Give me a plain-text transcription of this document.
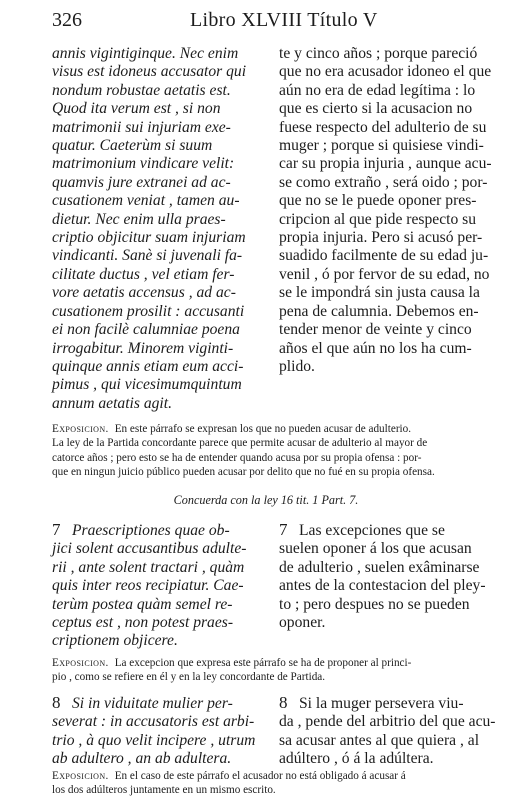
326	Libro XLVIII Título V
annis vigintiginque. Nec enim
visus est idoneus accusator qui
nondum robustae aetatis est.
Quod ita verum est , si non
matrimonii sui injuriam exe-
quatur. Caeterùm si suum
matrimonium vindicare velit:
quamvis jure extranei ad ac-
cusationem veniat , tamen au-
dietur. Nec enim ulla praes-
criptio objicitur suam injuriam
vindicanti. Sanè si juvenali fa-
cilitate ductus , vel etiam fer-
vore aetatis accensus , ad ac-
cusationem prosilit : accusanti
ei non facilè calumniae poena
irrogabitur. Minorem viginti-
quinque annis etiam eum acci-
pimus , qui vicesimumquintum
annum aetatis agit.
te y cinco años ; porque pareció
que no era acusador idoneo el que
aún no era de edad legítima : lo
que es cierto si la acusacion no
fuese respecto del adulterio de su
muger ; porque si quisiese vindi-
car su propia injuria , aunque acu-
se como extraño , será oido ; por-
que no se le puede oponer pres-
cripcion al que pide respecto su
propia injuria. Pero si acusó per-
suadido facilmente de su edad ju-
venil , ó por fervor de su edad, no
se le impondrá sin justa causa la
pena de calumnia. Debemos en-
tender menor de veinte y cinco
años el que aún no los ha cum-
plido.
Exposicion. En este párrafo se expresan los que no pueden acusar de adulterio.
La ley de la Partida concordante parece que permite acusar de adulterio al mayor de
catorce años ; pero esto se ha de entender quando acusa por su propia ofensa : por-
que en ningun juicio público pueden acusar por delito que no fué en su propia ofensa.
Concuerda con la ley 16 tit. 1 Part. 7.
7 Praescriptiones quae ob-
jici solent accusantibus adulte-
rii , ante solent tractari , quàm
quis inter reos recipiatur. Cae-
terùm postea quàm semel re-
ceptus est , non potest praes-
criptionem objicere.
7 Las excepciones que se
suelen oponer á los que acusan
de adulterio , suelen exâminarse
antes de la contestacion del pley-
to ; pero despues no se pueden
oponer.
Exposicion. La excepcion que expresa este párrafo se ha de proponer al princi-
pio , como se refiere en él y en la ley concordante de Partida.
8 Si in viduitate mulier per-
severat : in accusatoris est arbi-
trio , à quo velit incipere , utrum
ab adultero , an ab adultera.
8 Si la muger persevera viu-
da , pende del arbitrio del que acu-
sa acusar antes al que quiera , al
adúltero , ó á la adúltera.
Exposicion. En el caso de este párrafo el acusador no está obligado á acusar á
los dos adúlteros juntamente en un mismo escrito.
